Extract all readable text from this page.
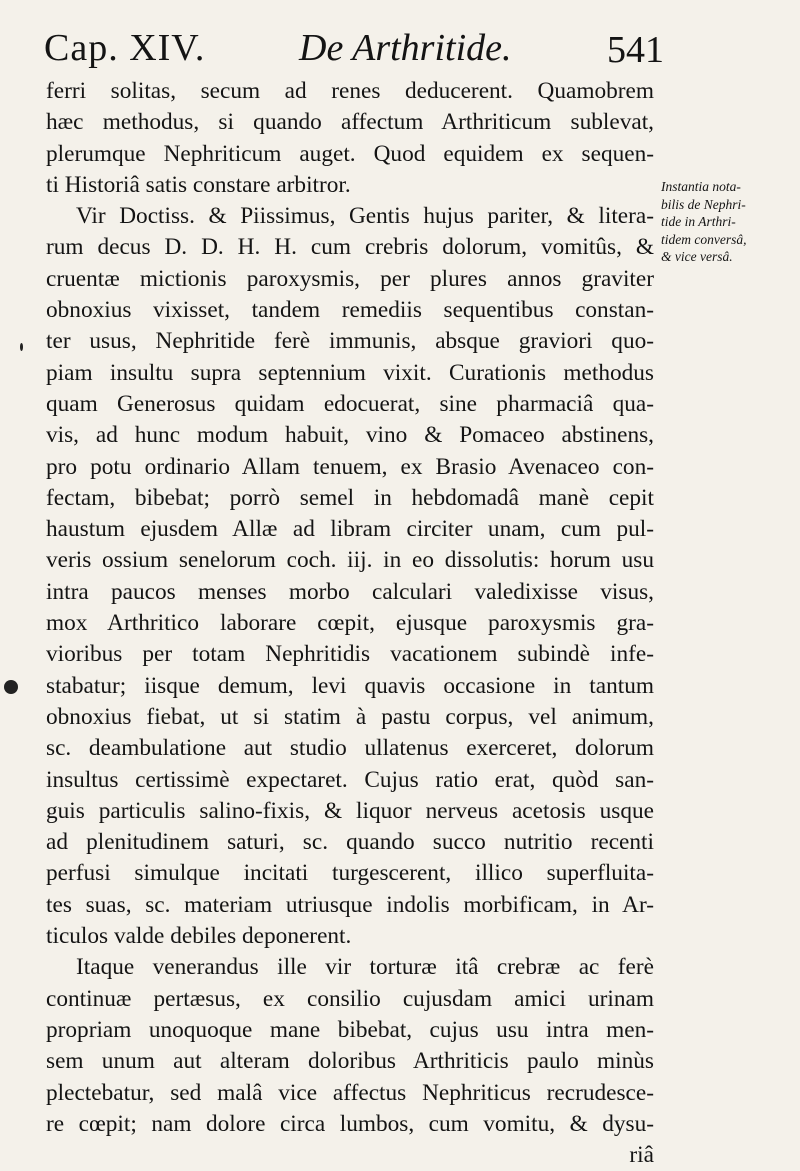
Cap. XIV. De Arthritide.	541
ferri solitas, secum ad renes deducerent. Quamobrem
hæc methodus, si quando affectum Arthriticum sublevat,
plerumque Nephriticum auget. Quod equidem ex sequen-
ti Historiâ satis constare arbitror.
Vir Doctiss. & Piissimus, Gentis hujus pariter, & litera-
rum decus D. D. H. H. cum crebris dolorum, vomitûs, &
cruentæ mictionis paroxysmis, per plures annos graviter
obnoxius vixisset, tandem remediis sequentibus constan-
ter usus, Nephritide ferè immunis, absque graviori quo-
piam insultu supra septennium vixit. Curationis methodus
quam Generosus quidam edocuerat, sine pharmaciâ qua-
vis, ad hunc modum habuit, vino & Pomaceo abstinens,
pro potu ordinario Allam tenuem, ex Brasio Avenaceo con-
fectam, bibebat; porrò semel in hebdomadâ manè cepit
haustum ejusdem Allæ ad libram circiter unam, cum pul-
veris ossium senelorum coch. iij. in eo dissolutis: horum usu
intra paucos menses morbo calculari valedixisse visus,
mox Arthritico laborare cœpit, ejusque paroxysmis gra-
vioribus per totam Nephritidis vacationem subindè infe-
stabatur; iisque demum, levi quavis occasione in tantum
obnoxius fiebat, ut si statim à pastu corpus, vel animum,
sc. deambulatione aut studio ullatenus exerceret, dolorum
insultus certissimè expectaret. Cujus ratio erat, quòd san-
guis particulis salino-fixis, & liquor nerveus acetosis usque
ad plenitudinem saturi, sc. quando succo nutritio recenti
perfusi simulque incitati turgescerent, illico superfluita-
tes suas, sc. materiam utriusque indolis morbificam, in Ar-
ticulos valde debiles deponerent.
Itaque venerandus ille vir torturæ itâ crebræ ac ferè
continuæ pertæsus, ex consilio cujusdam amici urinam
propriam unoquoque mane bibebat, cujus usu intra men-
sem unum aut alteram doloribus Arthriticis paulo minùs
plectebatur, sed malâ vice affectus Nephriticus recrudesce-
re cœpit; nam dolore circa lumbos, cum vomitu, & dysu-
riâ
Instantia nota-
bilis de Nephri-
tide in Arthri-
tidem conversâ,
& vice versâ.
